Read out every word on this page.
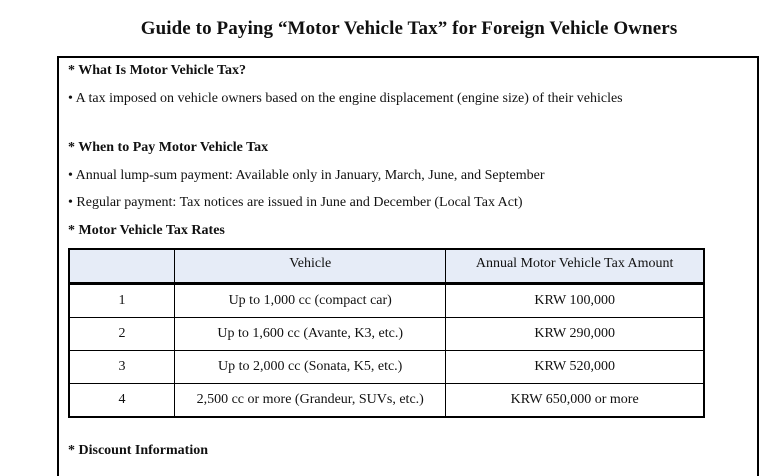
Guide to Paying “Motor Vehicle Tax” for Foreign Vehicle Owners
* What Is Motor Vehicle Tax?
• A tax imposed on vehicle owners based on the engine displacement (engine size) of their vehicles
* When to Pay Motor Vehicle Tax
• Annual lump-sum payment: Available only in January, March, June, and September
• Regular payment: Tax notices are issued in June and December (Local Tax Act)
* Motor Vehicle Tax Rates
	Vehicle	Annual Motor Vehicle Tax Amount
1	Up to 1,000 cc (compact car)	KRW 100,000
2	Up to 1,600 cc (Avante, K3, etc.)	KRW 290,000
3	Up to 2,000 cc (Sonata, K5, etc.)	KRW 520,000
4	2,500 cc or more (Grandeur, SUVs, etc.)	KRW 650,000 or more
* Discount Information
